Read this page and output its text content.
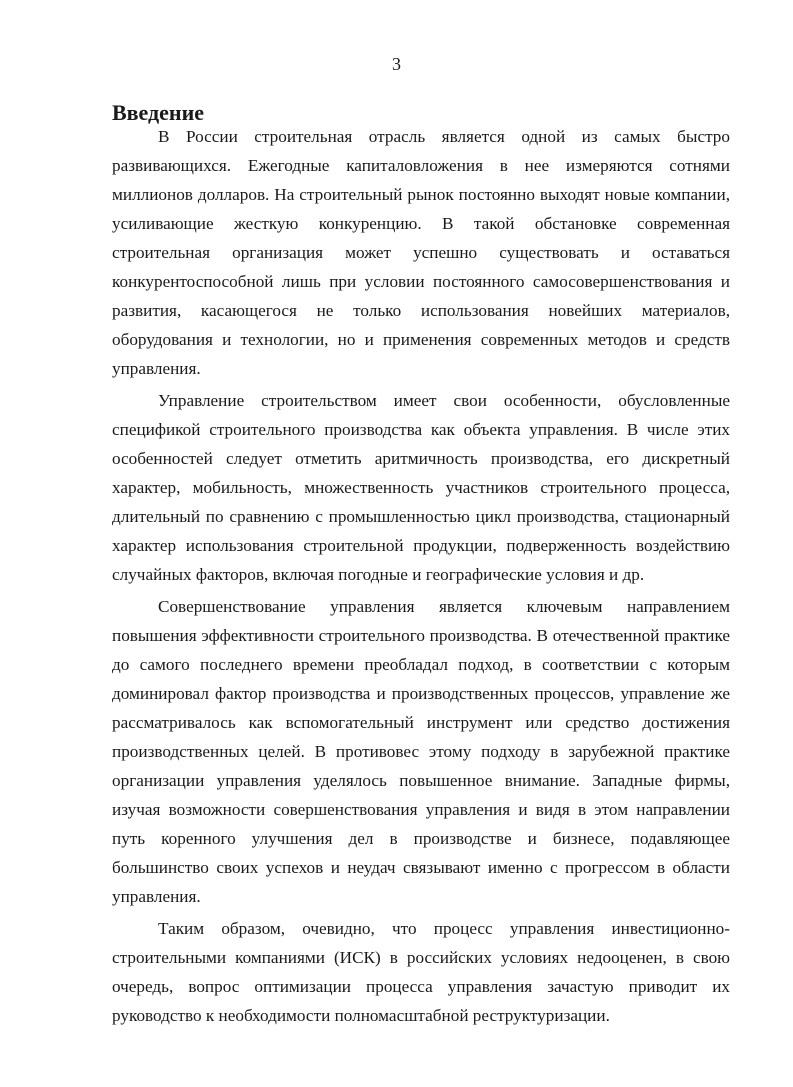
3
Введение

В России строительная отрасль является одной из самых быстро развивающихся. Ежегодные капиталовложения в нее измеряются сотнями миллионов долларов. На строительный рынок постоянно выходят новые компании, усиливающие жесткую конкуренцию. В такой обстановке современная строительная организация может успешно существовать и оставаться конкурентоспособной лишь при условии постоянного самосовершенствования и развития, касающегося не только использования новейших материалов, оборудования и технологии, но и применения современных методов и средств управления.

Управление строительством имеет свои особенности, обусловленные спецификой строительного производства как объекта управления. В числе этих особенностей следует отметить аритмичность производства, его дискретный характер, мобильность, множественность участников строительного процесса, длительный по сравнению с промышленностью цикл производства, стационарный характер использования строительной продукции, подверженность воздействию случайных факторов, включая погодные и географические условия и др.

Совершенствование управления является ключевым направлением повышения эффективности строительного производства. В отечественной практике до самого последнего времени преобладал подход, в соответствии с которым доминировал фактор производства и производственных процессов, управление же рассматривалось как вспомогательный инструмент или средство достижения производственных целей. В противовес этому подходу в зарубежной практике организации управления уделялось повышенное внимание. Западные фирмы, изучая возможности совершенствования управления и видя в этом направлении путь коренного улучшения дел в производстве и бизнесе, подавляющее большинство своих успехов и неудач связывают именно с прогрессом в области управления.

Таким образом, очевидно, что процесс управления инвестиционно-строительными компаниями (ИСК) в российских условиях недооценен, в свою очередь, вопрос оптимизации процесса управления зачастую приводит их руководство к необходимости полномасштабной реструктуризации.
